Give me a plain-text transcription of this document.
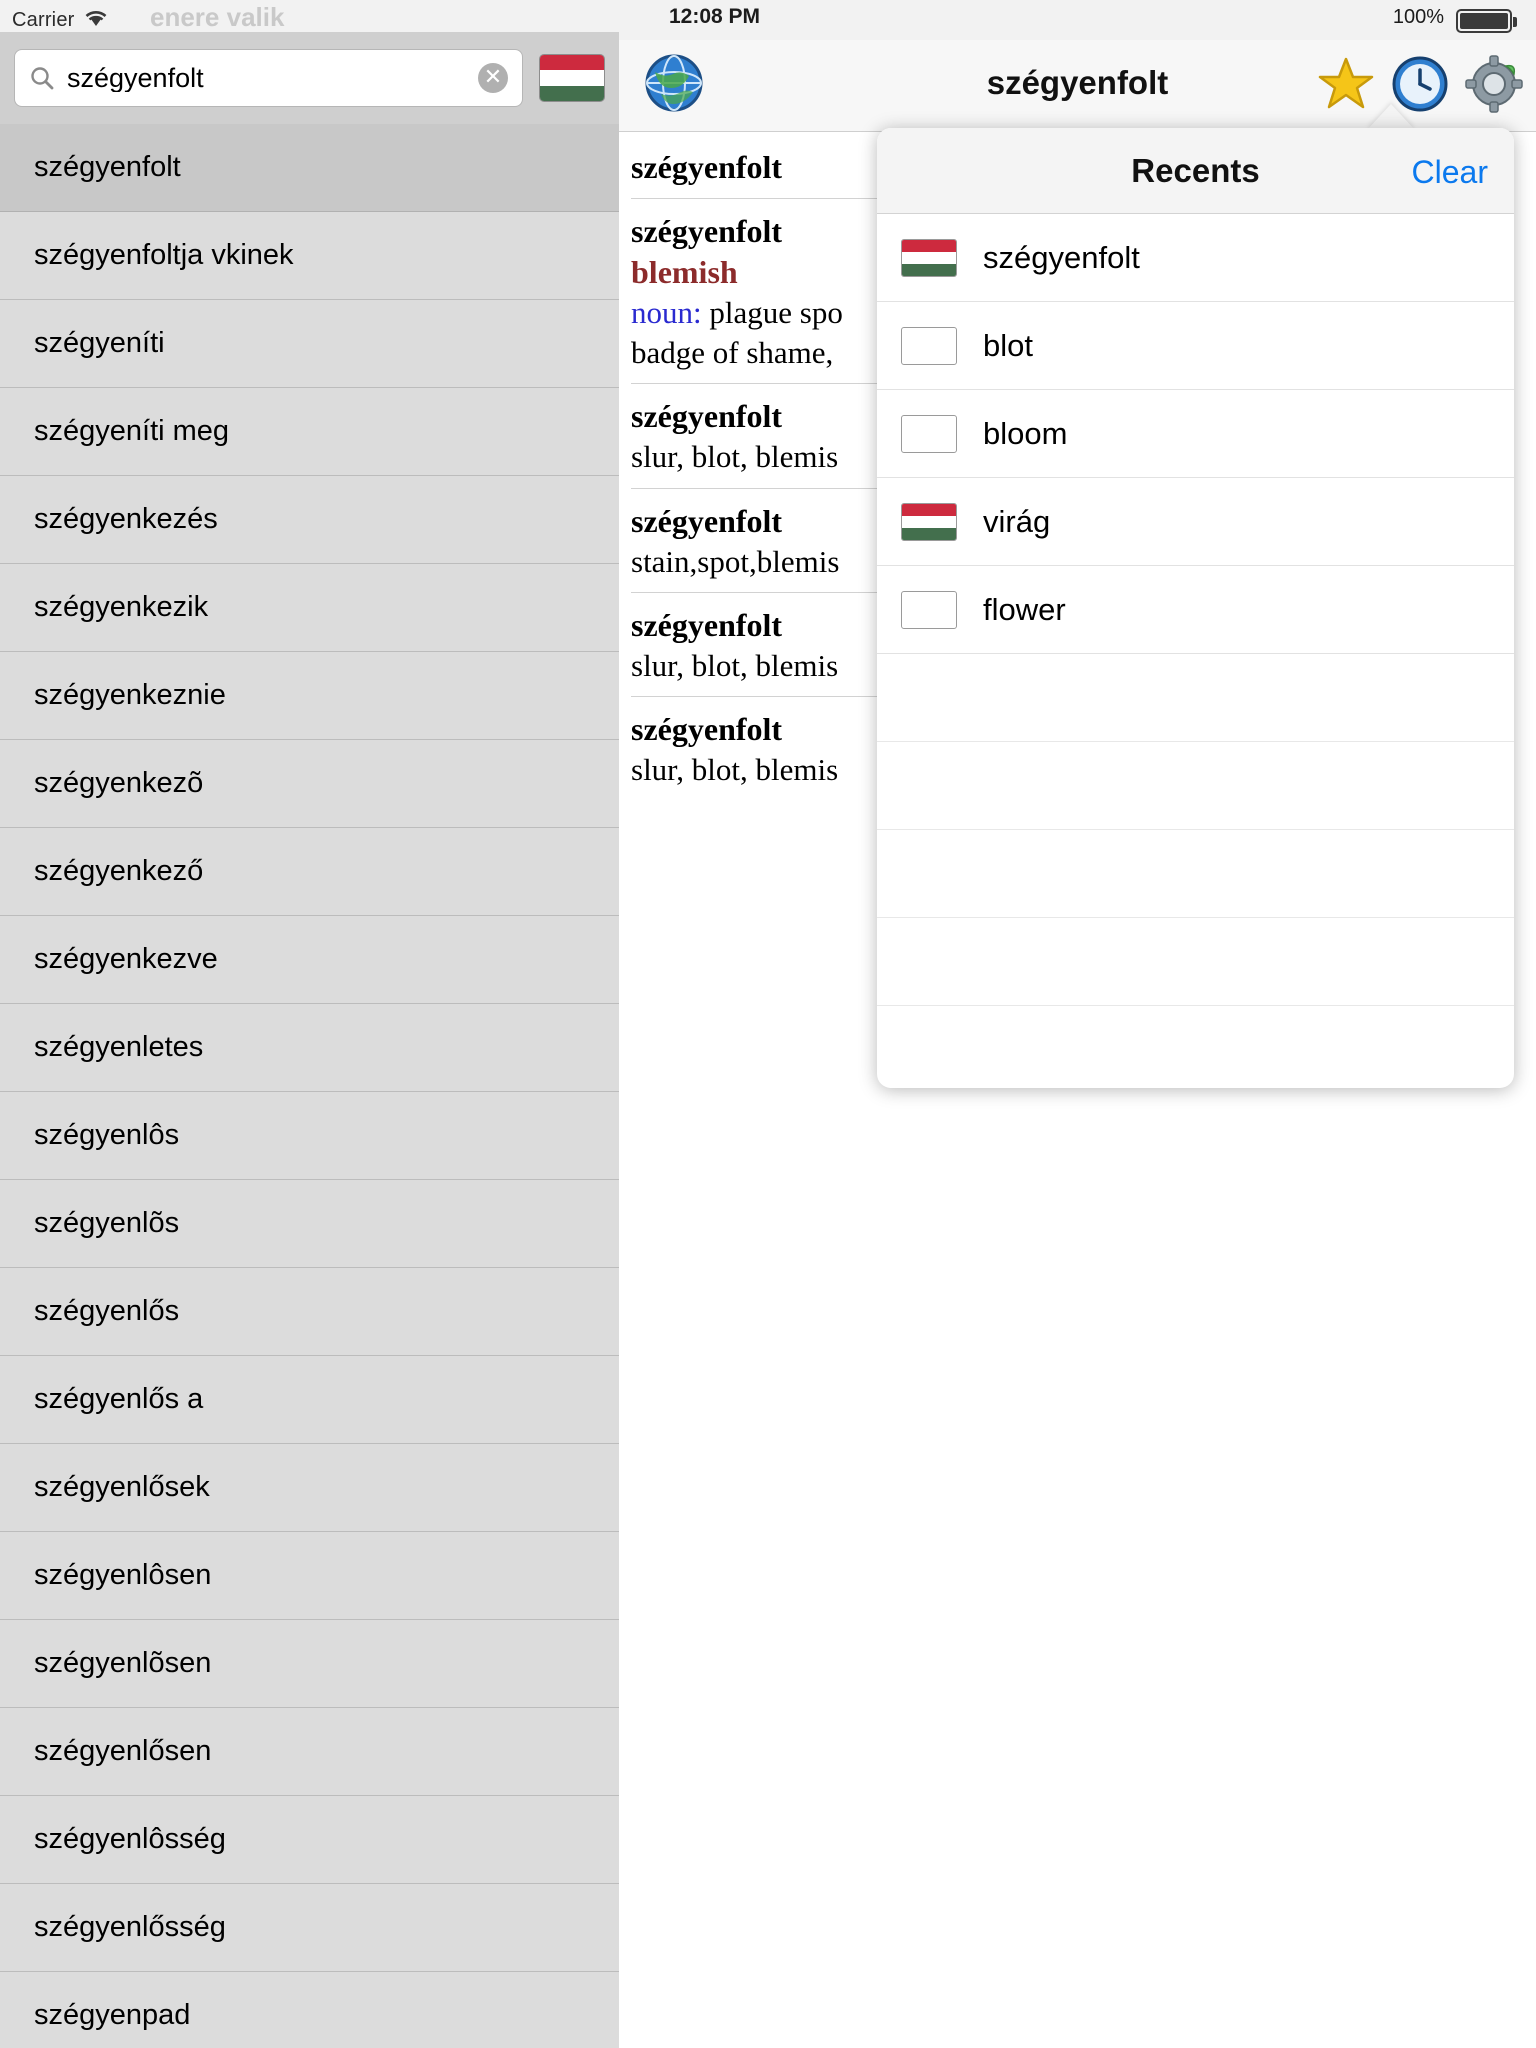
Carrier	enere valik
szégyenfolt	✕
szégyenfolt
szégyenfoltja vkinek
szégyeníti
szégyeníti meg
szégyenkezés
szégyenkezik
szégyenkeznie
szégyenkezõ
szégyenkező
szégyenkezve
szégyenletes
szégyenlôs
szégyenlõs
szégyenlős
szégyenlős a
szégyenlősek
szégyenlôsen
szégyenlõsen
szégyenlősen
szégyenlôsség
szégyenlősség
szégyenpad
12:08 PM	100%
szégyenfolt
szégyenfolt
szégyenfolt
blemish
noun: plague spo
badge of shame,
szégyenfolt
slur, blot, blemis
szégyenfolt
stain,spot,blemis
szégyenfolt
slur, blot, blemis
szégyenfolt
slur, blot, blemis
Recents	Clear
szégyenfolt
blot
bloom
virág
flower
